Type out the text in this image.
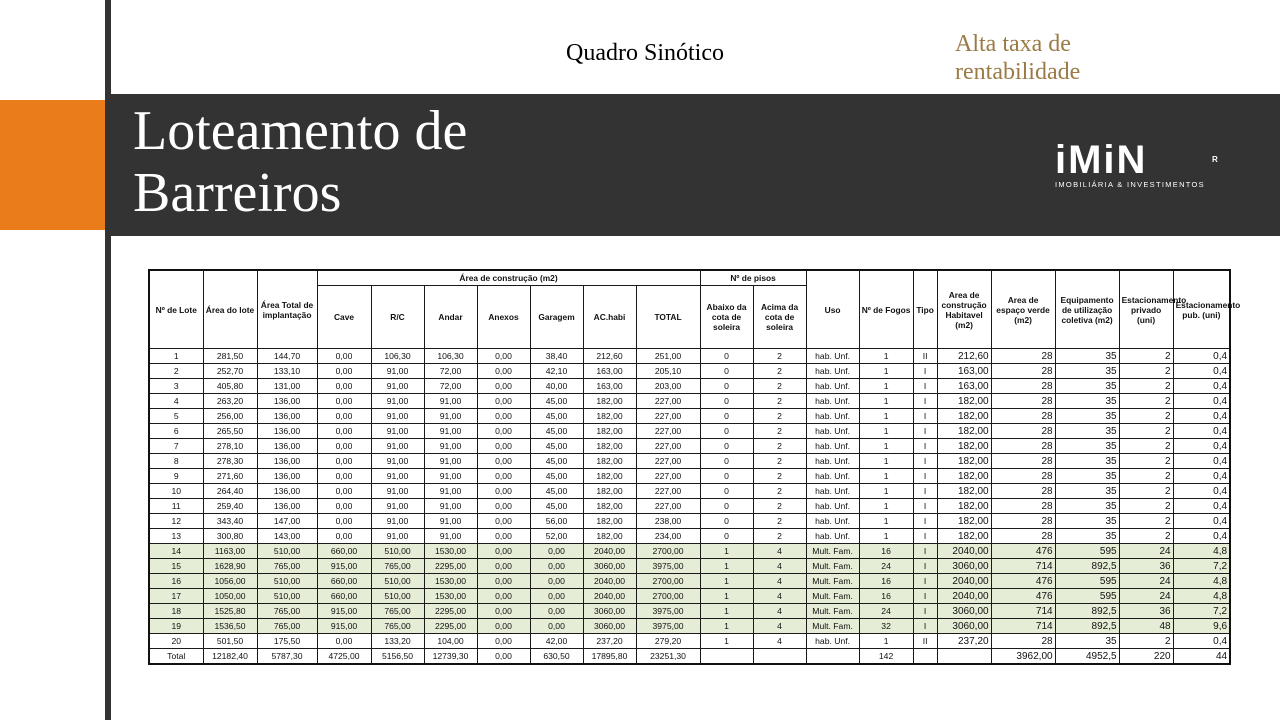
Quadro Sinótico	Alta taxa de rentabilidade
Loteamento de
Barreiros
iMiN	R
IMOBILIÁRIA & INVESTIMENTOS
Nº de Lote	Área do lote	Área Total de implantação	Área de construção (m2)							Nº de pisos		Uso	Nº de Fogos	Tipo	Area de construção Habitavel (m2)	Area de espaço verde (m2)	Equipamento de utilização coletiva (m2)	Estacionamento privado (uni)	Estacionamento pub. (uni)
			Cave	R/C	Andar	Anexos	Garagem	AC.habi	TOTAL	Abaixo da cota de soleira	Acima da cota de soleira								
1	281,50	144,70	0,00	106,30	106,30	0,00	38,40	212,60	251,00	0	2	hab. Unf.	1	II	212,60	28	35	2	0,4
2	252,70	133,10	0,00	91,00	72,00	0,00	42,10	163,00	205,10	0	2	hab. Unf.	1	I	163,00	28	35	2	0,4
3	405,80	131,00	0,00	91,00	72,00	0,00	40,00	163,00	203,00	0	2	hab. Unf.	1	I	163,00	28	35	2	0,4
4	263,20	136,00	0,00	91,00	91,00	0,00	45,00	182,00	227,00	0	2	hab. Unf.	1	I	182,00	28	35	2	0,4
5	256,00	136,00	0,00	91,00	91,00	0,00	45,00	182,00	227,00	0	2	hab. Unf.	1	I	182,00	28	35	2	0,4
6	265,50	136,00	0,00	91,00	91,00	0,00	45,00	182,00	227,00	0	2	hab. Unf.	1	I	182,00	28	35	2	0,4
7	278,10	136,00	0,00	91,00	91,00	0,00	45,00	182,00	227,00	0	2	hab. Unf.	1	I	182,00	28	35	2	0,4
8	278,30	136,00	0,00	91,00	91,00	0,00	45,00	182,00	227,00	0	2	hab. Unf.	1	I	182,00	28	35	2	0,4
9	271,60	136,00	0,00	91,00	91,00	0,00	45,00	182,00	227,00	0	2	hab. Unf.	1	I	182,00	28	35	2	0,4
10	264,40	136,00	0,00	91,00	91,00	0,00	45,00	182,00	227,00	0	2	hab. Unf.	1	I	182,00	28	35	2	0,4
11	259,40	136,00	0,00	91,00	91,00	0,00	45,00	182,00	227,00	0	2	hab. Unf.	1	I	182,00	28	35	2	0,4
12	343,40	147,00	0,00	91,00	91,00	0,00	56,00	182,00	238,00	0	2	hab. Unf.	1	I	182,00	28	35	2	0,4
13	300,80	143,00	0,00	91,00	91,00	0,00	52,00	182,00	234,00	0	2	hab. Unf.	1	I	182,00	28	35	2	0,4
14	1163,00	510,00	660,00	510,00	1530,00	0,00	0,00	2040,00	2700,00	1	4	Mult. Fam.	16	I	2040,00	476	595	24	4,8
15	1628,90	765,00	915,00	765,00	2295,00	0,00	0,00	3060,00	3975,00	1	4	Mult. Fam.	24	I	3060,00	714	892,5	36	7,2
16	1056,00	510,00	660,00	510,00	1530,00	0,00	0,00	2040,00	2700,00	1	4	Mult. Fam.	16	I	2040,00	476	595	24	4,8
17	1050,00	510,00	660,00	510,00	1530,00	0,00	0,00	2040,00	2700,00	1	4	Mult. Fam.	16	I	2040,00	476	595	24	4,8
18	1525,80	765,00	915,00	765,00	2295,00	0,00	0,00	3060,00	3975,00	1	4	Mult. Fam.	24	I	3060,00	714	892,5	36	7,2
19	1536,50	765,00	915,00	765,00	2295,00	0,00	0,00	3060,00	3975,00	1	4	Mult. Fam.	32	I	3060,00	714	892,5	48	9,6
20	501,50	175,50	0,00	133,20	104,00	0,00	42,00	237,20	279,20	1	4	hab. Unf.	1	II	237,20	28	35	2	0,4
Total	12182,40	5787,30	4725,00	5156,50	12739,30	0,00	630,50	17895,80	23251,30				142			3962,00	4952,5	220	44
